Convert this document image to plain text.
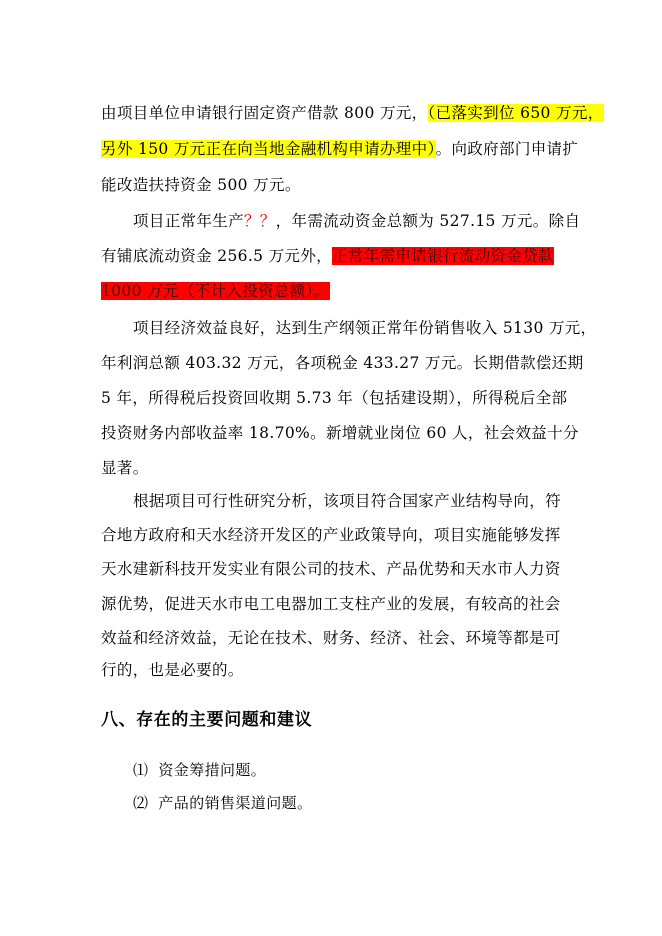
由项目单位申请银行固定资产借款 800 万元，（已落实到位 650 万元，
另外 150 万元正在向当地金融机构申请办理中）。向政府部门申请扩
能改造扶持资金 500 万元。
项目正常年生产？？，年需流动资金总额为 527.15 万元。除自
有铺底流动资金 256.5 万元外，正常年需申请银行流动资金贷款
1000 万元（不计入投资总额）。
项目经济效益良好，达到生产纲领正常年份销售收入 5130 万元，
年利润总额 403.32 万元，各项税金 433.27 万元。长期借款偿还期
5 年，所得税后投资回收期 5.73 年（包括建设期），所得税后全部
投资财务内部收益率 18.70%。新增就业岗位 60 人，社会效益十分
显著。
根据项目可行性研究分析，该项目符合国家产业结构导向，符
合地方政府和天水经济开发区的产业政策导向，项目实施能够发挥
天水建新科技开发实业有限公司的技术、产品优势和天水市人力资
源优势，促进天水市电工电器加工支柱产业的发展，有较高的社会
效益和经济效益，无论在技术、财务、经济、社会、环境等都是可
行的，也是必要的。
八、存在的主要问题和建议
⑴ 资金筹措问题。
⑵ 产品的销售渠道问题。
